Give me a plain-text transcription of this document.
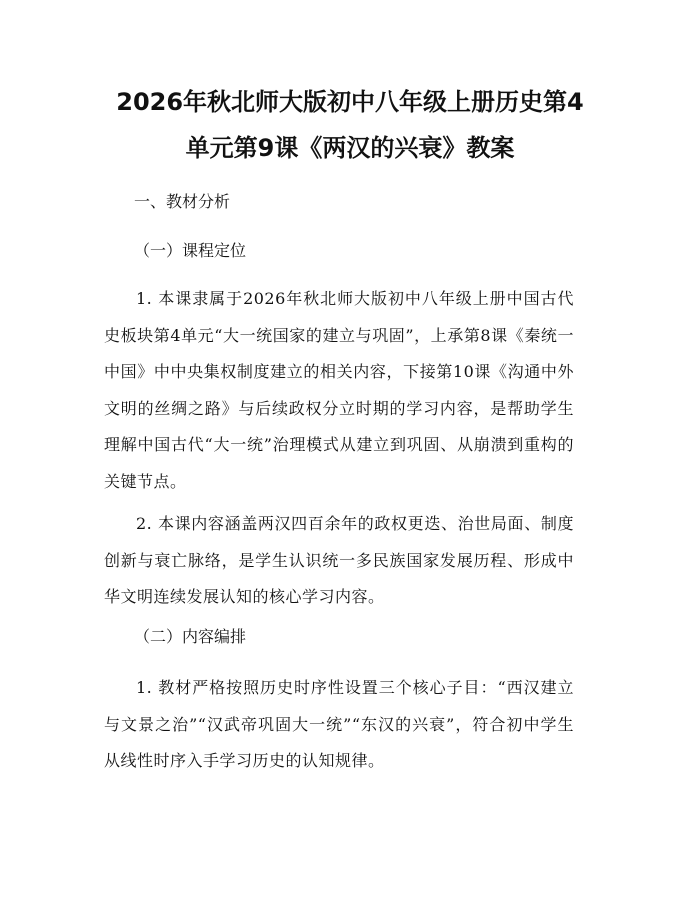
2026年秋北师大版初中八年级上册历史第4
单元第9课《两汉的兴衰》教案
一、教材分析
（一）课程定位

1. 本课隶属于2026年秋北师大版初中八年级上册中国古代史板块第4单元“大一统国家的建立与巩固”，上承第8课《秦统一中国》中中央集权制度建立的相关内容，下接第10课《沟通中外文明的丝绸之路》与后续政权分立时期的学习内容，是帮助学生理解中国古代“大一统”治理模式从建立到巩固、从崩溃到重构的关键节点。

2. 本课内容涵盖两汉四百余年的政权更迭、治世局面、制度创新与衰亡脉络，是学生认识统一多民族国家发展历程、形成中华文明连续发展认知的核心学习内容。

（二）内容编排

1. 教材严格按照历史时序性设置三个核心子目：“西汉建立与文景之治”“汉武帝巩固大一统”“东汉的兴衰”，符合初中学生从线性时序入手学习历史的认知规律。
